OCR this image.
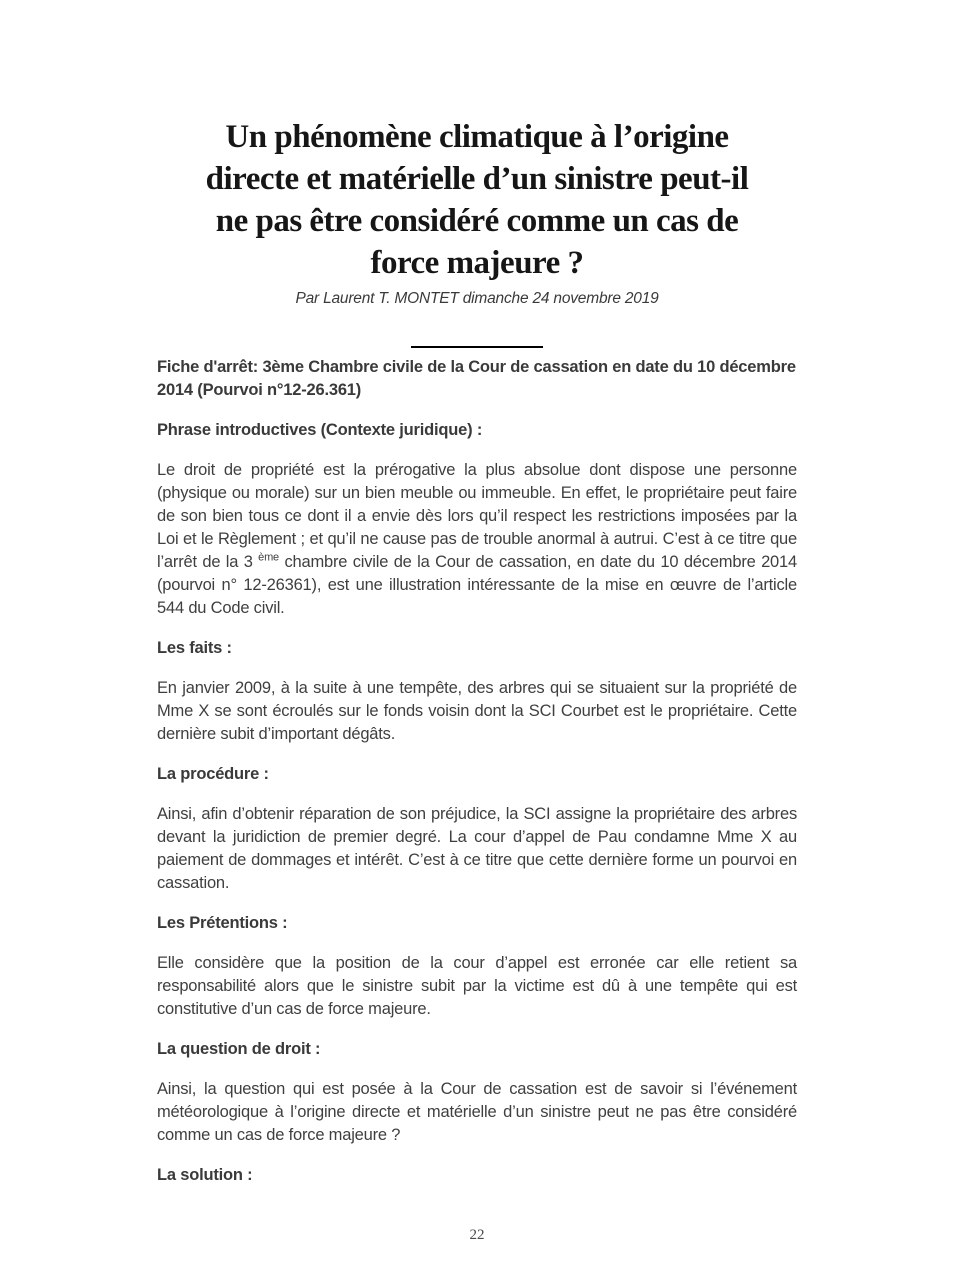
Un phénomène climatique à l’origine
directe et matérielle d’un sinistre peut-il
ne pas être considéré comme un cas de
force majeure ?
Par Laurent T. MONTET dimanche 24 novembre 2019
Fiche d'arrêt: 3ème Chambre civile de la Cour de cassation en date du 10 décembre 2014 (Pourvoi n°12-26.361)
Phrase introductives (Contexte juridique) :

Le droit de propriété est la prérogative la plus absolue dont dispose une personne (physique ou morale) sur un bien meuble ou immeuble. En effet, le propriétaire peut faire de son bien tous ce dont il a envie dès lors qu’il respect les restrictions imposées par la Loi et le Règlement ; et qu’il ne cause pas de trouble anormal à autrui. C’est à ce titre que l’arrêt de la 3 $^{ème}$ chambre civile de la Cour de cassation, en date du 10 décembre 2014 (pourvoi n° 12-26361), est une illustration intéressante de la mise en œuvre de l’article 544 du Code civil.

Les faits :

En janvier 2009, à la suite à une tempête, des arbres qui se situaient sur la propriété de Mme X se sont écroulés sur le fonds voisin dont la SCI Courbet est le propriétaire. Cette dernière subit d’important dégâts.

La procédure :

Ainsi, afin d’obtenir réparation de son préjudice, la SCI assigne la propriétaire des arbres devant la juridiction de premier degré. La cour d’appel de Pau condamne Mme X au paiement de dommages et intérêt. C’est à ce titre que cette dernière forme un pourvoi en cassation.

Les Prétentions :

Elle considère que la position de la cour d’appel est erronée car elle retient sa responsabilité alors que le sinistre subit par la victime est dû à une tempête qui est constitutive d’un cas de force majeure.

La question de droit :

Ainsi, la question qui est posée à la Cour de cassation est de savoir si l’événement météorologique à l’origine directe et matérielle d’un sinistre peut ne pas être considéré comme un cas de force majeure ?

La solution :
22
